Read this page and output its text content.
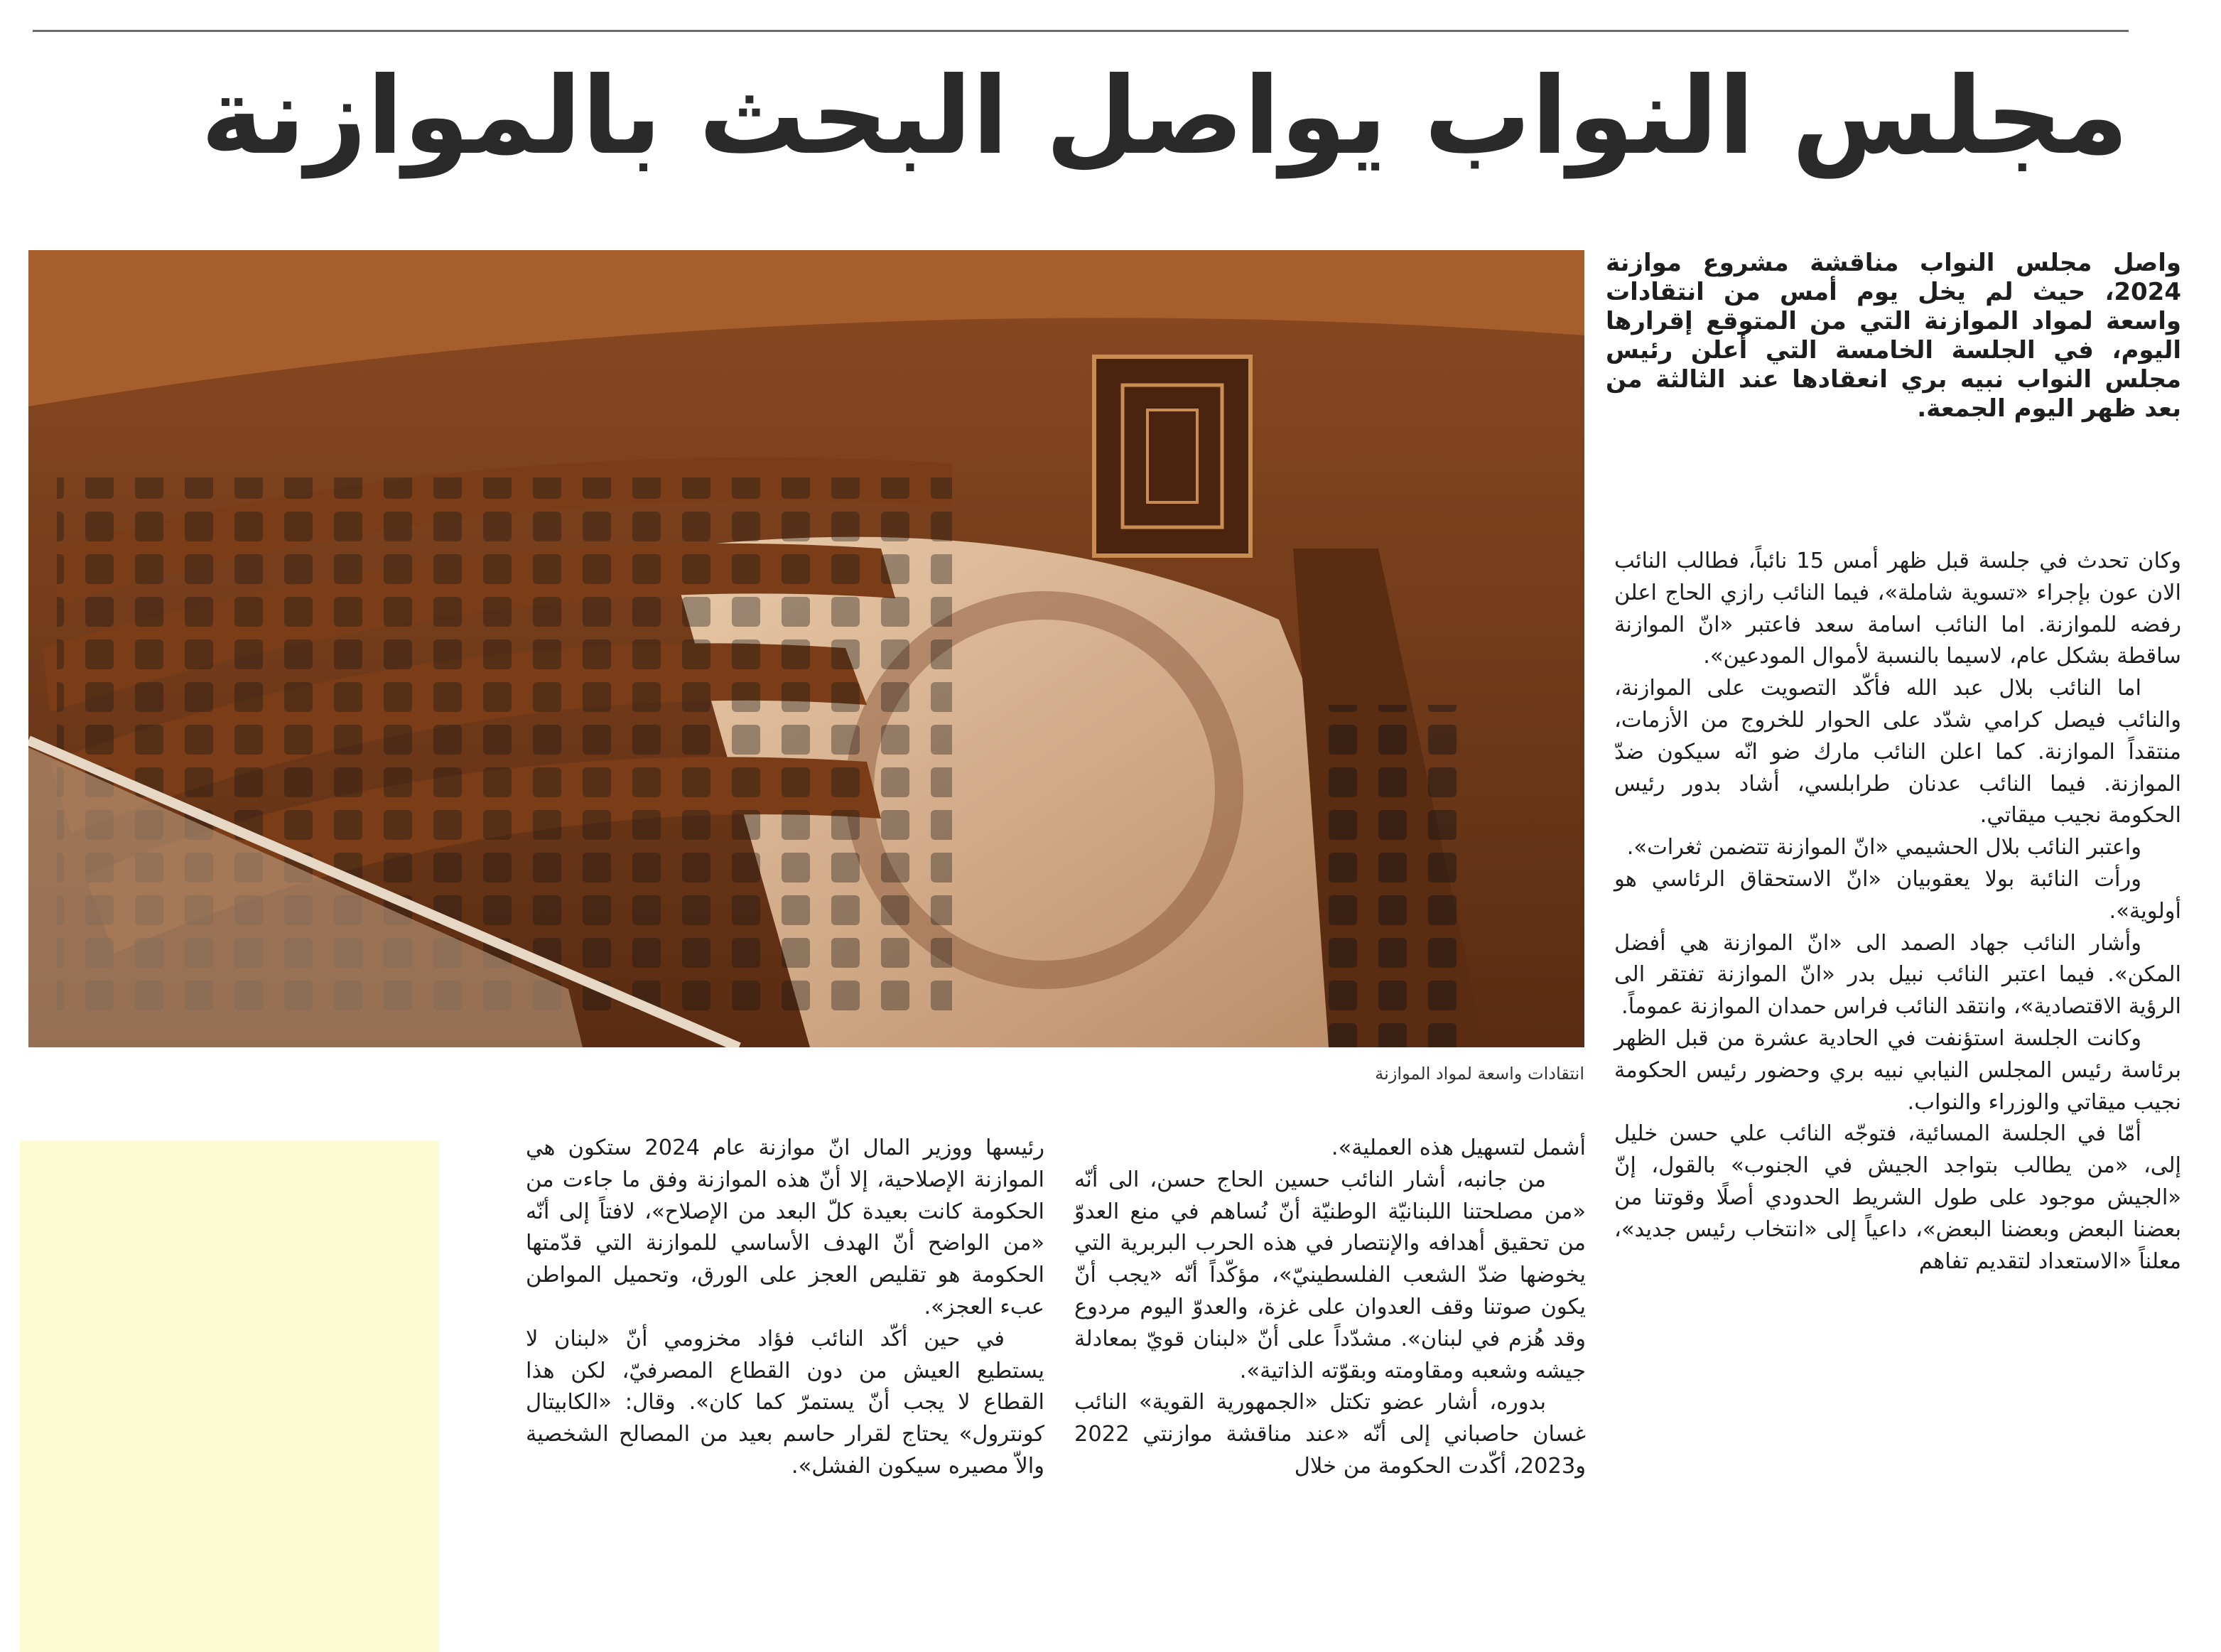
مجلس النواب يواصل البحث بالموازنة

واصل مجلس النواب مناقشة مشروع موازنة 2024، حيث لم يخل يوم أمس من انتقادات واسعة لمواد الموازنة التي من المتوقع إقرارها اليوم، في الجلسة الخامسة التي أعلن رئيس مجلس النواب نبيه بري انعقادها عند الثالثة من بعد ظهر اليوم الجمعة.

انتقادات واسعة لمواد الموازنة

وكان تحدث في جلسة قبل ظهر أمس 15 نائباً، فطالب النائب الان عون بإجراء «تسوية شاملة»، فيما النائب رازي الحاج اعلن رفضه للموازنة. اما النائب اسامة سعد فاعتبر «انّ الموازنة ساقطة بشكل عام، لاسيما بالنسبة لأموال المودعين».

اما النائب بلال عبد الله فأكّد التصويت على الموازنة، والنائب فيصل كرامي شدّد على الحوار للخروج من الأزمات، منتقداً الموازنة. كما اعلن النائب مارك ضو انّه سيكون ضدّ الموازنة. فيما النائب عدنان طرابلسي، أشاد بدور رئيس الحكومة نجيب ميقاتي.

واعتبر النائب بلال الحشيمي «انّ الموازنة تتضمن ثغرات».

ورأت النائبة بولا يعقوبيان «انّ الاستحقاق الرئاسي هو أولوية».

وأشار النائب جهاد الصمد الى «انّ الموازنة هي أفضل المكن». فيما اعتبر النائب نبيل بدر «انّ الموازنة تفتقر الى الرؤية الاقتصادية»، وانتقد النائب فراس حمدان الموازنة عموماً.

وكانت الجلسة استؤنفت في الحادية عشرة من قبل الظهر برئاسة رئيس المجلس النيابي نبيه بري وحضور رئيس الحكومة نجيب ميقاتي والوزراء والنواب.

أمّا في الجلسة المسائية، فتوجّه النائب علي حسن خليل إلى، «من يطالب بتواجد الجيش في الجنوب» بالقول، إنّ «الجيش موجود على طول الشريط الحدودي أصلًا وقوتنا من بعضنا البعض وبعضنا البعض»، داعياً إلى «انتخاب رئيس جديد»، معلناً «الاستعداد لتقديم تفاهم

أشمل لتسهيل هذه العملية».

من جانبه، أشار النائب حسين الحاج حسن، الى أنّه «من مصلحتنا اللبنانيّة الوطنيّة أنّ نُساهم في منع العدوّ من تحقيق أهدافه والإنتصار في هذه الحرب البربرية التي يخوضها ضدّ الشعب الفلسطينيّ»، مؤكّداً أنّه «يجب أنّ يكون صوتنا وقف العدوان على غزة، والعدوّ اليوم مردوع وقد هُزم في لبنان». مشدّداً على أنّ «لبنان قويّ بمعادلة جيشه وشعبه ومقاومته وبقوّته الذاتية».

بدوره، أشار عضو تكتل «الجمهورية القوية» النائب غسان حاصباني إلى أنّه «عند مناقشة موازنتي 2022 و2023، أكّدت الحكومة من خلال

رئيسها ووزير المال انّ موازنة عام 2024 ستكون هي الموازنة الإصلاحية، إلا أنّ هذه الموازنة وفق ما جاءت من الحكومة كانت بعيدة كلّ البعد من الإصلاح»، لافتاً إلى أنّه «من الواضح أنّ الهدف الأساسي للموازنة التي قدّمتها الحكومة هو تقليص العجز على الورق، وتحميل المواطن عبء العجز».

في حين أكّد النائب فؤاد مخزومي أنّ «لبنان لا يستطيع العيش من دون القطاع المصرفيّ، لكن هذا القطاع لا يجب أنّ يستمرّ كما كان». وقال: «الكابيتال كونترول» يحتاج لقرار حاسم بعيد من المصالح الشخصية والاّ مصيره سيكون الفشل».
